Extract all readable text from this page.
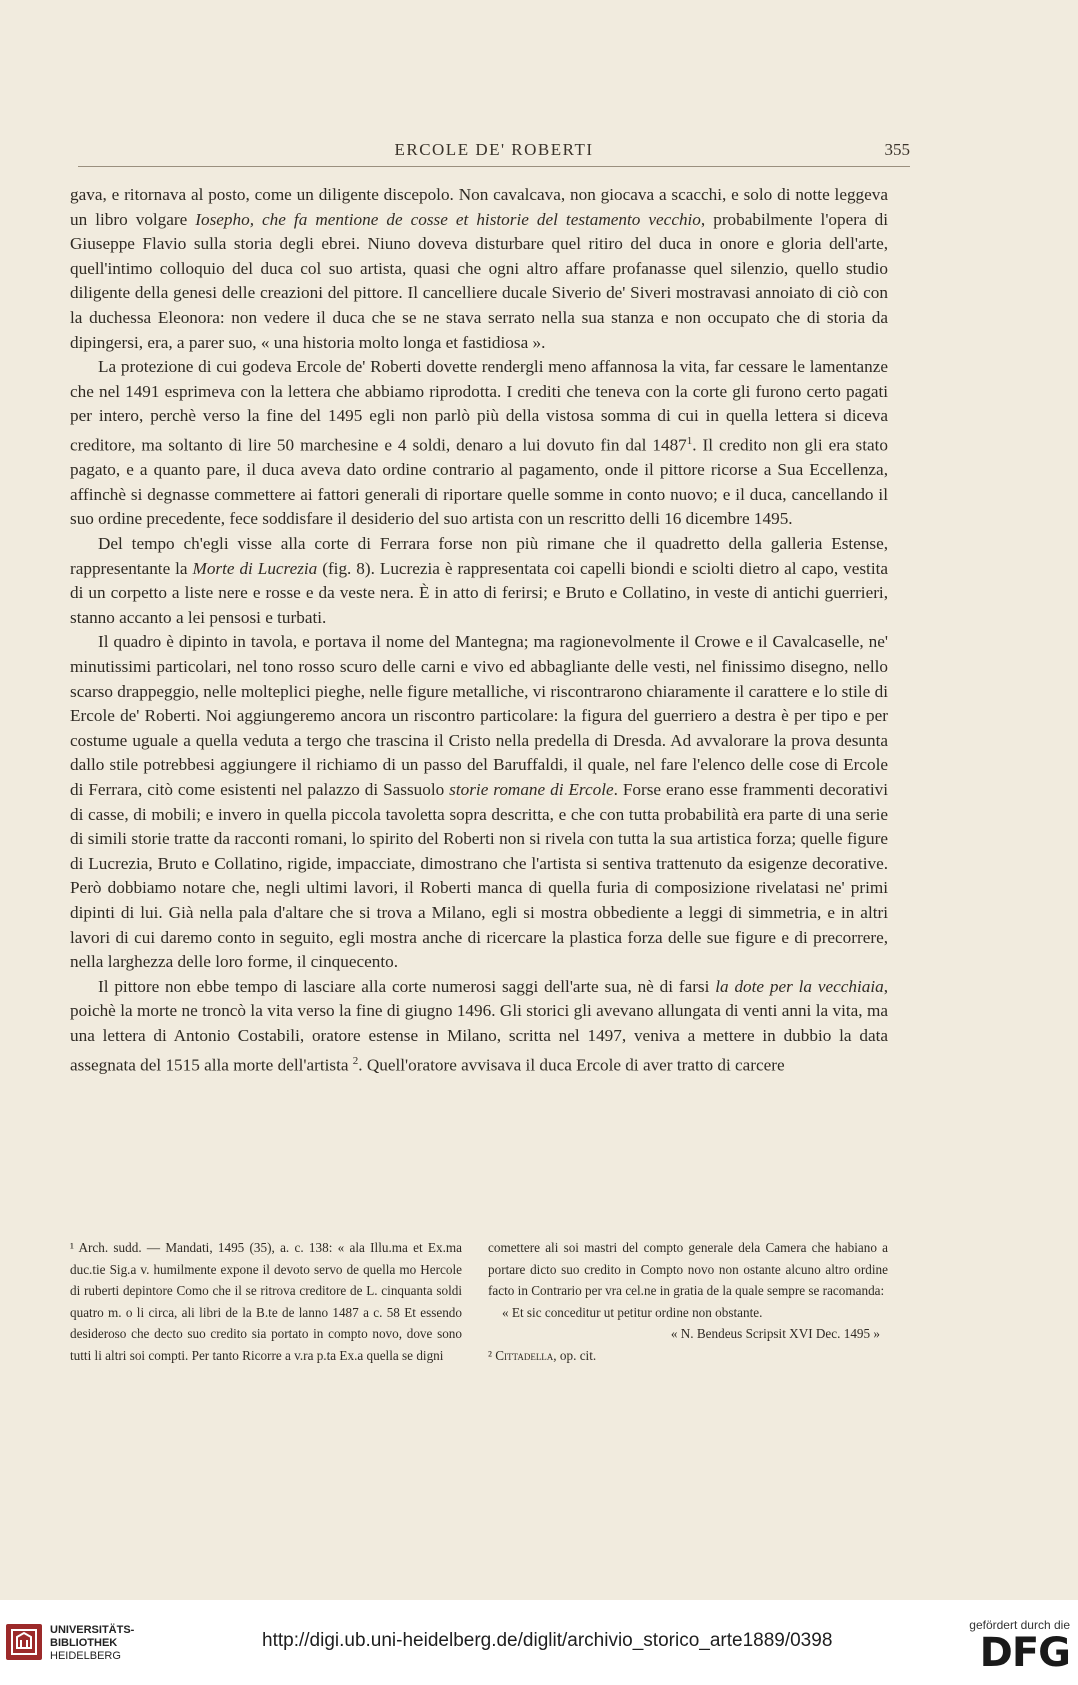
ERCOLE DE' ROBERTI	355

gava, e ritornava al posto, come un diligente discepolo. Non cavalcava, non giocava a scacchi, e solo di notte leggeva un libro volgare Iosepho, che fa mentione de cosse et historie del testamento vecchio, probabilmente l'opera di Giuseppe Flavio sulla storia degli ebrei. Niuno doveva disturbare quel ritiro del duca in onore e gloria dell'arte, quell'intimo colloquio del duca col suo artista, quasi che ogni altro affare profanasse quel silenzio, quello studio diligente della genesi delle creazioni del pittore. Il cancelliere ducale Siverio de' Siveri mostravasi annoiato di ciò con la duchessa Eleonora: non vedere il duca che se ne stava serrato nella sua stanza e non occupato che di storia da dipingersi, era, a parer suo, « una historia molto longa et fastidiosa ».

La protezione di cui godeva Ercole de' Roberti dovette rendergli meno affannosa la vita, far cessare le lamentanze che nel 1491 esprimeva con la lettera che abbiamo riprodotta. I crediti che teneva con la corte gli furono certo pagati per intero, perchè verso la fine del 1495 egli non parlò più della vistosa somma di cui in quella lettera si diceva creditore, ma soltanto di lire 50 marchesine e 4 soldi, denaro a lui dovuto fin dal 1487$^1$. Il credito non gli era stato pagato, e a quanto pare, il duca aveva dato ordine contrario al pagamento, onde il pittore ricorse a Sua Eccellenza, affinchè si degnasse commettere ai fattori generali di riportare quelle somme in conto nuovo; e il duca, cancellando il suo ordine precedente, fece soddisfare il desiderio del suo artista con un rescritto delli 16 dicembre 1495.

Del tempo ch'egli visse alla corte di Ferrara forse non più rimane che il quadretto della galleria Estense, rappresentante la Morte di Lucrezia (fig. 8). Lucrezia è rappresentata coi capelli biondi e sciolti dietro al capo, vestita di un corpetto a liste nere e rosse e da veste nera. È in atto di ferirsi; e Bruto e Collatino, in veste di antichi guerrieri, stanno accanto a lei pensosi e turbati.

Il quadro è dipinto in tavola, e portava il nome del Mantegna; ma ragionevolmente il Crowe e il Cavalcaselle, ne' minutissimi particolari, nel tono rosso scuro delle carni e vivo ed abbagliante delle vesti, nel finissimo disegno, nello scarso drappeggio, nelle molteplici pieghe, nelle figure metalliche, vi riscontrarono chiaramente il carattere e lo stile di Ercole de' Roberti. Noi aggiungeremo ancora un riscontro particolare: la figura del guerriero a destra è per tipo e per costume uguale a quella veduta a tergo che trascina il Cristo nella predella di Dresda. Ad avvalorare la prova desunta dallo stile potrebbesi aggiungere il richiamo di un passo del Baruffaldi, il quale, nel fare l'elenco delle cose di Ercole di Ferrara, citò come esistenti nel palazzo di Sassuolo storie romane di Ercole. Forse erano esse frammenti decorativi di casse, di mobili; e invero in quella piccola tavoletta sopra descritta, e che con tutta probabilità era parte di una serie di simili storie tratte da racconti romani, lo spirito del Roberti non si rivela con tutta la sua artistica forza; quelle figure di Lucrezia, Bruto e Collatino, rigide, impacciate, dimostrano che l'artista si sentiva trattenuto da esigenze decorative. Però dobbiamo notare che, negli ultimi lavori, il Roberti manca di quella furia di composizione rivelatasi ne' primi dipinti di lui. Già nella pala d'altare che si trova a Milano, egli si mostra obbediente a leggi di simmetria, e in altri lavori di cui daremo conto in seguito, egli mostra anche di ricercare la plastica forza delle sue figure e di precorrere, nella larghezza delle loro forme, il cinquecento.

Il pittore non ebbe tempo di lasciare alla corte numerosi saggi dell'arte sua, nè di farsi la dote per la vecchiaia, poichè la morte ne troncò la vita verso la fine di giugno 1496. Gli storici gli avevano allungata di venti anni la vita, ma una lettera di Antonio Costabili, oratore estense in Milano, scritta nel 1497, veniva a mettere in dubbio la data assegnata del 1515 alla morte dell'artista $^2$. Quell'oratore avvisava il duca Ercole di aver tratto di carcere

¹ Arch. sudd. — Mandati, 1495 (35), a. c. 138: « ala Illu.ma et Ex.ma duc.tie Sig.a v. humilmente expone il devoto servo de quella mo Hercole di ruberti depintore Como che il se ritrova creditore de L. cinquanta soldi quatro m. o li circa, ali libri de la B.te de lanno 1487 a c. 58 Et essendo desideroso che decto suo credito sia portato in compto novo, dove sono tutti li altri soi compti. Per tanto Ricorre a v.ra p.ta Ex.a quella se digni
comettere ali soi mastri del compto generale dela Camera che habiano a portare dicto suo credito in Compto novo non ostante alcuno altro ordine facto in Contrario per vra cel.ne in gratia de la quale sempre se racomanda:
« Et sic conceditur ut petitur ordine non obstante.
« N. Bendeus Scripsit XVI Dec. 1495 »
² Cittadella, op. cit.
UNIVERSITÄTS-
BIBLIOTHEK
HEIDELBERG
http://digi.ub.uni-heidelberg.de/diglit/archivio_storico_arte1889/0398
gefördert durch die
DFG
